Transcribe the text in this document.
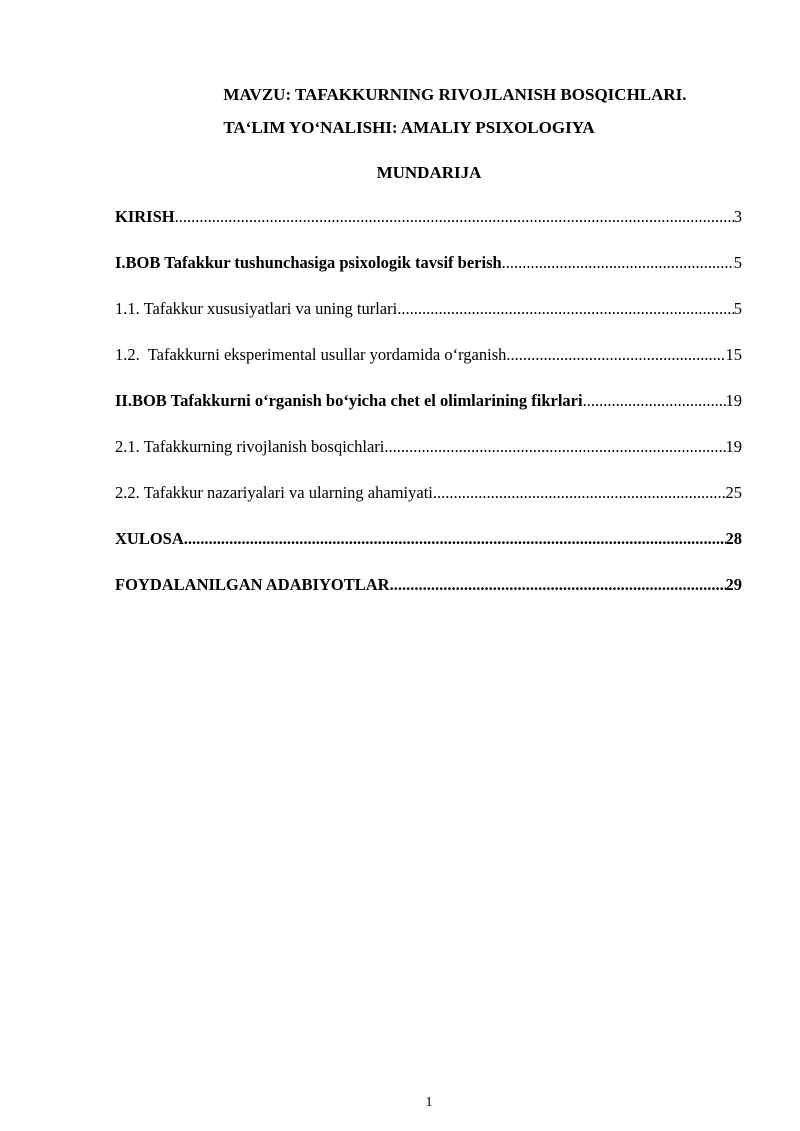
MAVZU: TAFAKKURNING RIVOJLANISH BOSQICHLARI.
TA‘LIM YO‘NALISHI: AMALIY PSIXOLOGIYA
MUNDARIJA
KIRISH .....	3
I.BOB Tafakkur tushunchasiga psixologik tavsif berish .....	5
1.1. Tafakkur xususiyatlari va uning turlari .....	5
1.2.  Tafakkurni eksperimental usullar yordamida o‘rganish .....	15
II.BOB Tafakkurni o‘rganish bo‘yicha chet el olimlarining fikrlari .....	19
2.1. Tafakkurning rivojlanish bosqichlari .....	19
2.2. Tafakkur nazariyalari va ularning ahamiyati .....	25
XULOSA .....	28
FOYDALANILGAN ADABIYOTLAR .....	29
1
